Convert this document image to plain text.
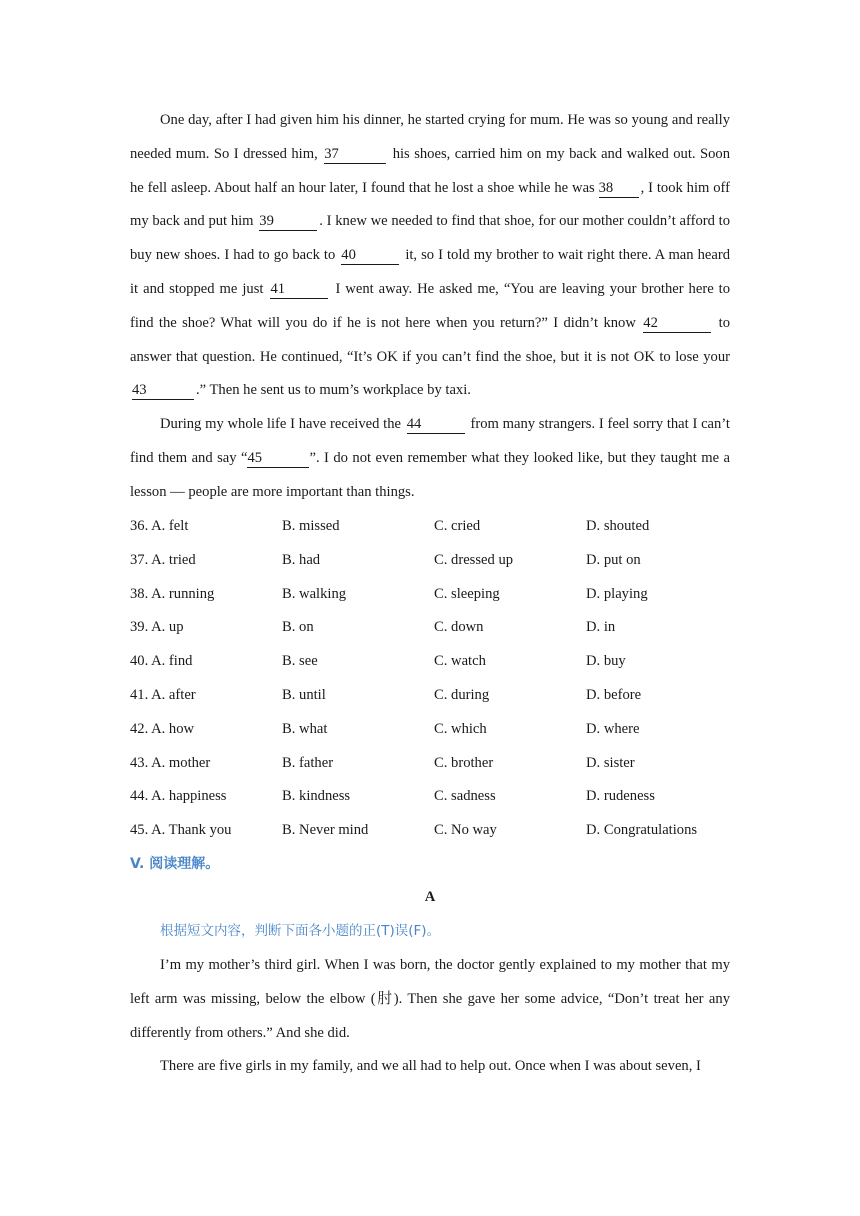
One day, after I had given him his dinner, he started crying for mum. He was so young and really needed mum. So I dressed him, 37	his shoes, carried him on my back and walked out. Soon he fell asleep. About half an hour later, I found that he lost a shoe while he was 38 , I took him off my back and put him 39	. I knew we needed to find that shoe, for our mother couldn’t afford to buy new shoes. I had to go back to 40	it, so I told my brother to wait right there. A man heard it and stopped me just 41	I went away. He asked me, “You are leaving your brother here to find the shoe? What will you do if he is not here when you return?” I didn’t know 42	to answer that question. He continued, “It’s OK if you can’t find the shoe, but it is not OK to lose your 43	.” Then he sent us to mum’s workplace by taxi.

During my whole life I have received the 44	from many strangers. I feel sorry that I can’t find them and say “45	”. I do not even remember what they looked like, but they taught me a lesson — people are more important than things.

36. A. felt	B. missed	C. cried	D. shouted
37. A. tried	B. had	C. dressed up	D. put on
38. A. running	B. walking	C. sleeping	D. playing
39. A. up	B. on	C. down	D. in
40. A. find	B. see	C. watch	D. buy
41. A. after	B. until	C. during	D. before
42. A. how	B. what	C. which	D. where
43. A. mother	B. father	C. brother	D. sister
44. A. happiness	B. kindness	C. sadness	D. rudeness
45. A. Thank you	B. Never mind	C. No way	D. Congratulations
V. 阅读理解。
A
根据短文内容，判断下面各小题的正(T)误(F)。

I’m my mother’s third girl. When I was born, the doctor gently explained to my mother that my left arm was missing, below the elbow (肘). Then she gave her some advice, “Don’t treat her any differently from others.” And she did.

There are five girls in my family, and we all had to help out. Once when I was about seven, I
